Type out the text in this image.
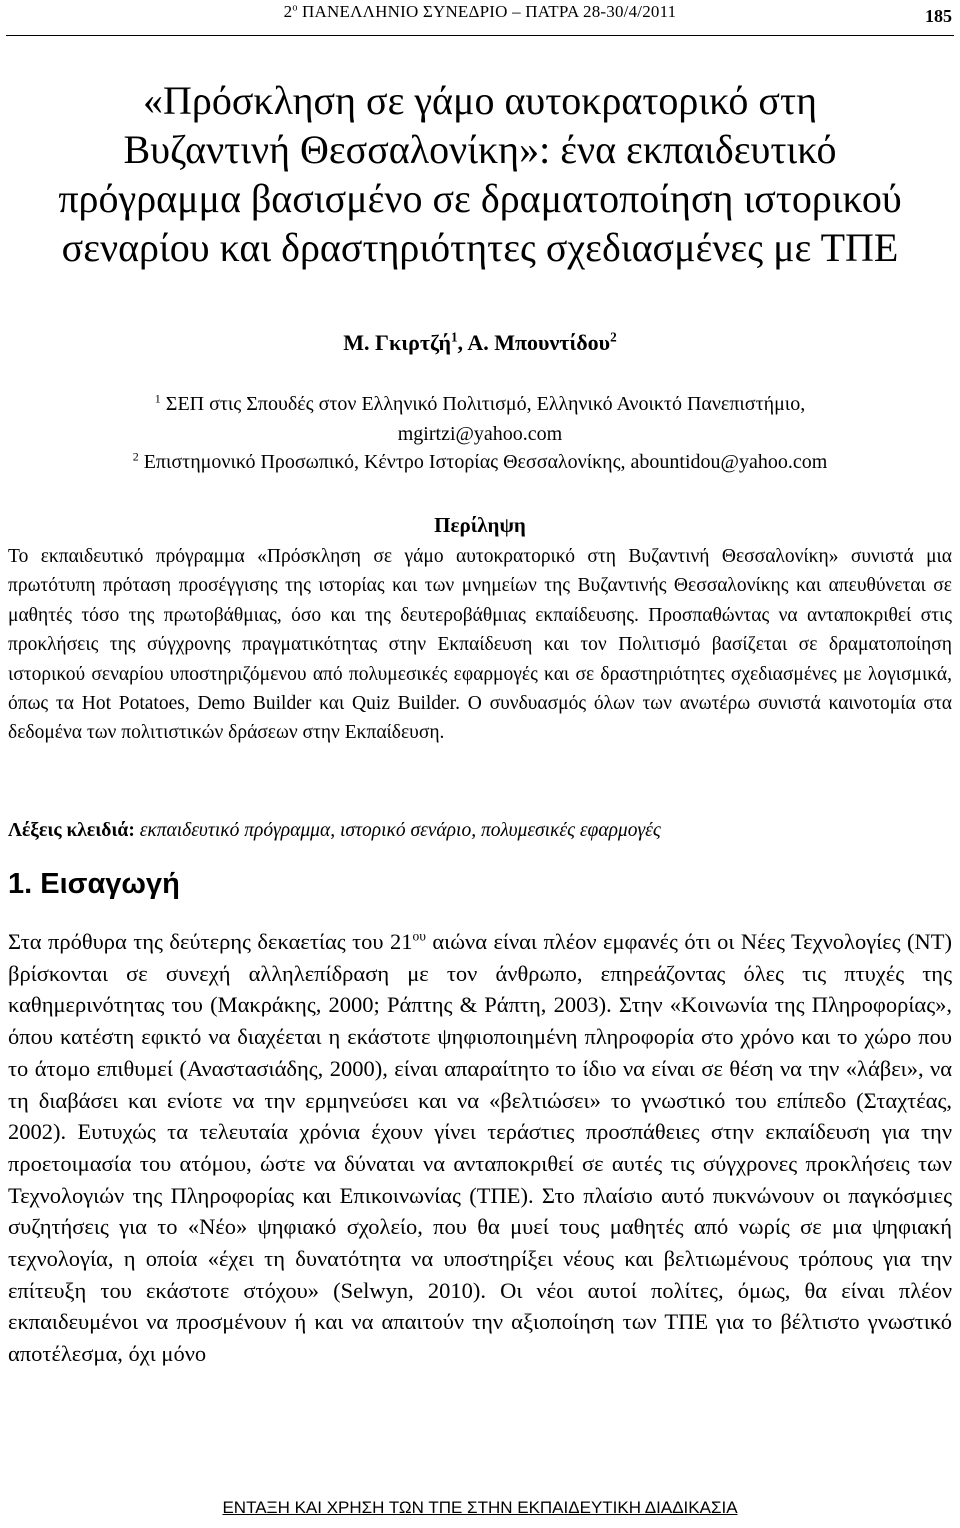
$2^o$ ΠΑΝΕΛΛΗΝΙΟ ΣΥΝΕΔΡΙΟ – ΠΑΤΡΑ 28-30/4/2011	185
«Πρόσκληση σε γάμο αυτοκρατορικό στη
Βυζαντινή Θεσσαλονίκη»: ένα εκπαιδευτικό
πρόγραμμα βασισμένο σε δραματοποίηση ιστορικού
σεναρίου και δραστηριότητες σχεδιασμένες με ΤΠΕ
Μ. Γκιρτζή$^1$, Α. Μπουντίδου$^2$
$^1$ ΣΕΠ στις Σπουδές στον Ελληνικό Πολιτισμό, Ελληνικό Ανοικτό Πανεπιστήμιο,
mgirtzi@yahoo.com
$^2$ Επιστημονικό Προσωπικό, Κέντρο Ιστορίας Θεσσαλονίκης, abountidou@yahoo.com
Περίληψη

Το εκπαιδευτικό πρόγραμμα «Πρόσκληση σε γάμο αυτοκρατορικό στη Βυζαντινή Θεσσαλονίκη» συνιστά μια πρωτότυπη πρόταση προσέγγισης της ιστορίας και των μνημείων της Βυζαντινής Θεσσαλονίκης και απευθύνεται σε μαθητές τόσο της πρωτοβάθμιας, όσο και της δευτεροβάθμιας εκπαίδευσης. Προσπαθώντας να ανταποκριθεί στις προκλήσεις της σύγχρονης πραγματικότητας στην Εκπαίδευση και τον Πολιτισμό βασίζεται σε δραματοποίηση ιστορικού σεναρίου υποστηριζόμενου από πολυμεσικές εφαρμογές και σε δραστηριότητες σχεδιασμένες με λογισμικά, όπως τα Hot Potatoes, Demo Builder και Quiz Builder. Ο συνδυασμός όλων των ανωτέρω συνιστά καινοτομία στα δεδομένα των πολιτιστικών δράσεων στην Εκπαίδευση.

Λέξεις κλειδιά: εκπαιδευτικό πρόγραμμα, ιστορικό σενάριο, πολυμεσικές εφαρμογές

1. Εισαγωγή

Στα πρόθυρα της δεύτερης δεκαετίας του $21^{o\upsilon}$ αιώνα είναι πλέον εμφανές ότι οι Νέες Τεχνολογίες (ΝΤ) βρίσκονται σε συνεχή αλληλεπίδραση με τον άνθρωπο, επηρεάζοντας όλες τις πτυχές της καθημερινότητας του (Μακράκης, 2000; Ράπτης & Ράπτη, 2003). Στην «Κοινωνία της Πληροφορίας», όπου κατέστη εφικτό να διαχέεται η εκάστοτε ψηφιοποιημένη πληροφορία στο χρόνο και το χώρο που το άτομο επιθυμεί (Αναστασιάδης, 2000), είναι απαραίτητο το ίδιο να είναι σε θέση να την «λάβει», να τη διαβάσει και ενίοτε να την ερμηνεύσει και να «βελτιώσει» το γνωστικό του επίπεδο (Σταχτέας, 2002). Ευτυχώς τα τελευταία χρόνια έχουν γίνει τεράστιες προσπάθειες στην εκπαίδευση για την προετοιμασία του ατόμου, ώστε να δύναται να ανταποκριθεί σε αυτές τις σύγχρονες προκλήσεις των Τεχνολογιών της Πληροφορίας και Επικοινωνίας (ΤΠΕ). Στο πλαίσιο αυτό πυκνώνουν οι παγκόσμιες συζητήσεις για το «Νέο» ψηφιακό σχολείο, που θα μυεί τους μαθητές από νωρίς σε μια ψηφιακή τεχνολογία, η οποία «έχει τη δυνατότητα να υποστηρίξει νέους και βελτιωμένους τρόπους για την επίτευξη του εκάστοτε στόχου» (Selwyn, 2010). Οι νέοι αυτοί πολίτες, όμως, θα είναι πλέον εκπαιδευμένοι να προσμένουν ή και να απαιτούν την αξιοποίηση των ΤΠΕ για το βέλτιστο γνωστικό αποτέλεσμα, όχι μόνο

ΕΝΤΑΞΗ ΚΑΙ ΧΡΗΣΗ ΤΩΝ ΤΠΕ ΣΤΗΝ ΕΚΠΑΙΔΕΥΤΙΚΗ ΔΙΑΔΙΚΑΣΙΑ
